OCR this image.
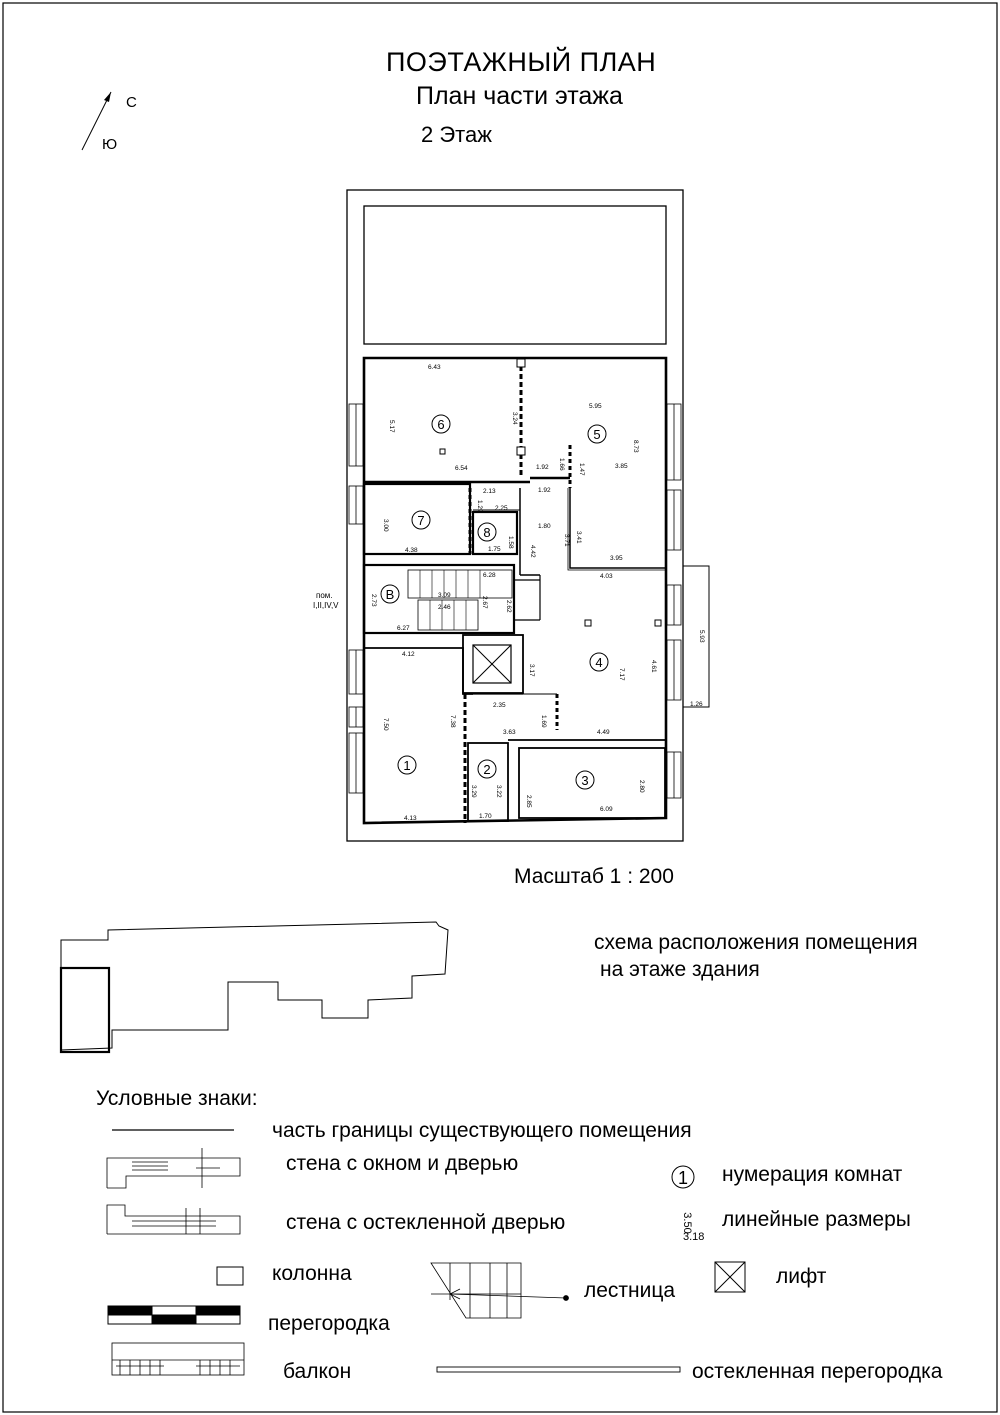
ПОЭТАЖНЫЙ ПЛАН
План части этажа
2 Этаж
С
Ю
Масштаб 1 : 200
схема расположения помещения
на этаже здания
Условные знаки:
часть границы существующего помещения
стена с окном и дверью	нумерация комнат
стена с остекленной дверью	линейные размеры
колонна	лифт
лестница
перегородка
балкон	остекленная перегородка
6
5
7
8
В
4
1	2
3
пом.
I,II,IV,V
6.43
5.95
5.17
3.24
8.73
6.54	1.92 1.66 1.47	3.85
1.92
2.13
1.29 2.25
3.00	1.80
1.58	3.71 3.41
4.38	1.75	4.42
3.95
4.03
6.28
2.73	3.09
2.67
2.46	2.62
6.27
4.12
3.17	7.17
4.61
5.93
1.26
2.35
7.50	7.38	1.69
3.63	4.49
3.29	3.22
2.85
2.80
4.13	1.70
6.09
1
3.50
3.18
